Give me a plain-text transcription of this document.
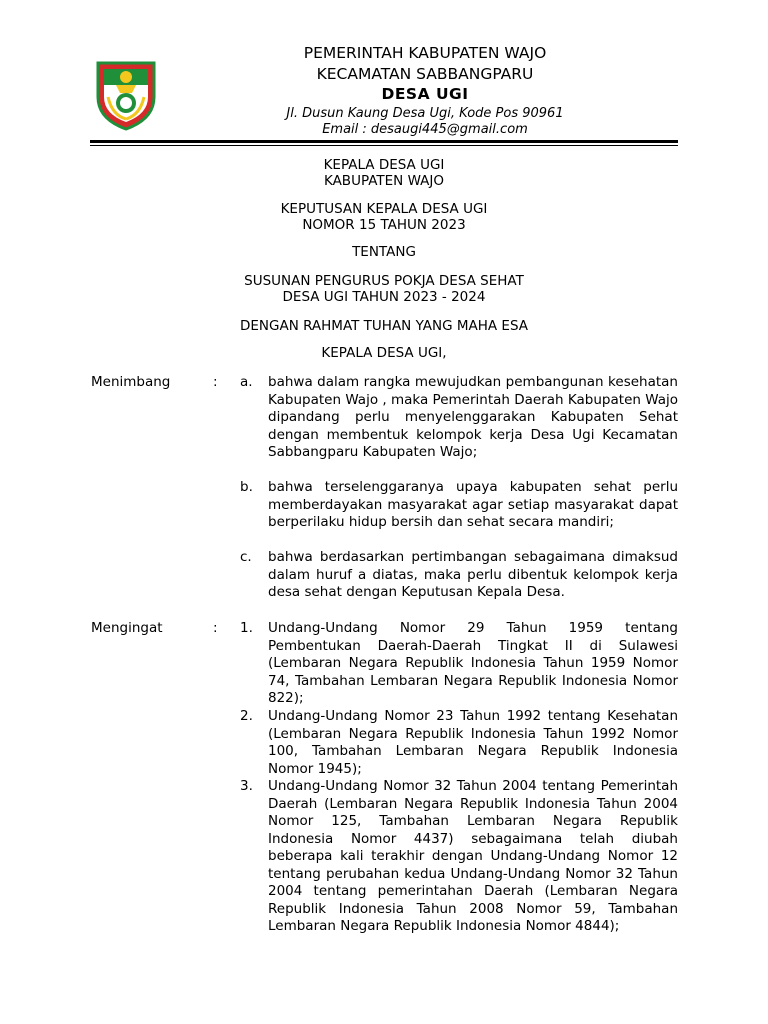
PEMERINTAH KABUPATEN WAJO
KECAMATAN SABBANGPARU
DESA UGI
Jl. Dusun Kaung Desa Ugi, Kode Pos 90961
Email : desaugi445@gmail.com
KEPALA DESA UGI
KABUPATEN WAJO
KEPUTUSAN KEPALA DESA UGI
NOMOR 15 TAHUN 2023
TENTANG
SUSUNAN PENGURUS POKJA DESA SEHAT
DESA UGI TAHUN 2023 - 2024
DENGAN RAHMAT TUHAN YANG MAHA ESA
KEPALA DESA UGI,
Menimbang	: a.	bahwa dalam rangka mewujudkan pembangunan kesehatan Kabupaten Wajo , maka Pemerintah Daerah Kabupaten Wajo dipandang perlu menyelenggarakan Kabupaten Sehat dengan membentuk kelompok kerja Desa Ugi Kecamatan Sabbangparu Kabupaten Wajo;
b.	bahwa terselenggaranya upaya kabupaten sehat perlu memberdayakan masyarakat agar setiap masyarakat dapat berperilaku hidup bersih dan sehat secara mandiri;
c.	bahwa berdasarkan pertimbangan sebagaimana dimaksud dalam huruf a diatas, maka perlu dibentuk kelompok kerja desa sehat dengan Keputusan Kepala Desa.
Mengingat	: 1.	Undang-Undang Nomor 29 Tahun 1959 tentang Pembentukan Daerah-Daerah Tingkat II di Sulawesi (Lembaran Negara Republik Indonesia Tahun 1959 Nomor 74, Tambahan Lembaran Negara Republik Indonesia Nomor 822);
2.	Undang-Undang Nomor 23 Tahun 1992 tentang Kesehatan (Lembaran Negara Republik Indonesia Tahun 1992 Nomor 100, Tambahan Lembaran Negara Republik Indonesia Nomor 1945);
3.	Undang-Undang Nomor 32 Tahun 2004 tentang Pemerintah Daerah (Lembaran Negara Republik Indonesia Tahun 2004 Nomor 125, Tambahan Lembaran Negara Republik Indonesia Nomor 4437) sebagaimana telah diubah beberapa kali terakhir dengan Undang-Undang Nomor 12 tentang perubahan kedua Undang-Undang Nomor 32 Tahun 2004 tentang pemerintahan Daerah (Lembaran Negara Republik Indonesia Tahun 2008 Nomor 59, Tambahan Lembaran Negara Republik Indonesia Nomor 4844);
